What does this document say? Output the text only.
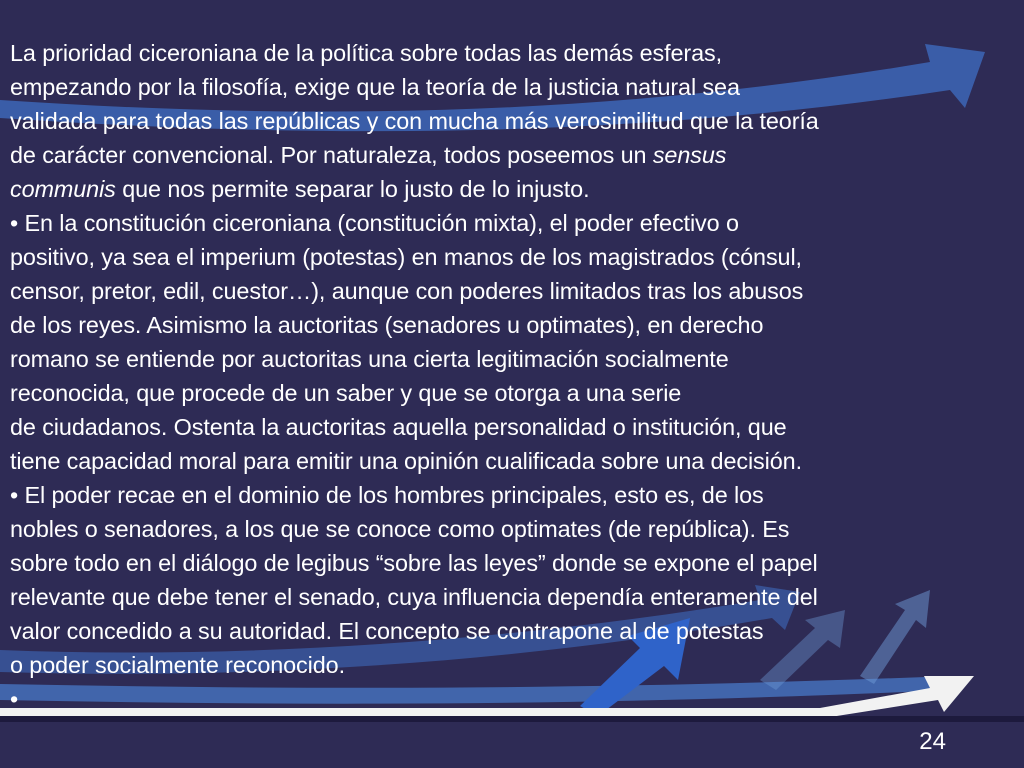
La prioridad ciceroniana de la política sobre todas las demás esferas,
empezando por la filosofía, exige que la teoría de la justicia natural sea
validada para todas las repúblicas y con mucha más verosimilitud que la teoría
de carácter convencional. Por naturaleza, todos poseemos un sensus
communis que nos permite separar lo justo de lo injusto.

• En la constitución ciceroniana (constitución mixta), el poder efectivo o
positivo, ya sea el imperium (potestas) en manos de los magistrados (cónsul,
censor, pretor, edil, cuestor…), aunque con poderes limitados tras los abusos
de los reyes. Asimismo la auctoritas (senadores u optimates), en derecho
romano se entiende por auctoritas una cierta legitimación socialmente
reconocida, que procede de un saber y que se otorga a una serie
de ciudadanos. Ostenta la auctoritas aquella personalidad o institución, que
tiene capacidad moral para emitir una opinión cualificada sobre una decisión.

• El poder recae en el dominio de los hombres principales, esto es, de los
nobles o senadores, a los que se conoce como optimates (de república). Es
sobre todo en el diálogo de legibus “sobre las leyes” donde se expone el papel
relevante que debe tener el senado, cuya influencia dependía enteramente del
valor concedido a su autoridad. El concepto se contrapone al de potestas
o poder socialmente reconocido.

•

24
